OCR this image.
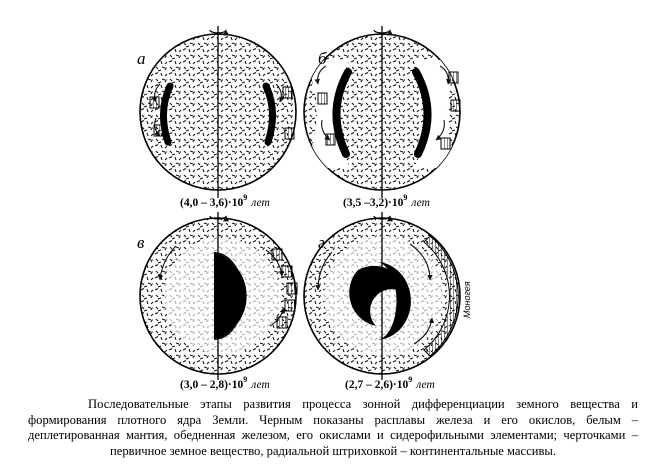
а
$(4,0 - 3,6)\cdot 10^9$ лет
б
(3,5 $-3,2)\cdot 10^9$ лет
в
$(3,0 - 2,8)\cdot 10^9$ лет
г
$(2,7 - 2,6)\cdot 10^9$ лет
Моногея

Последовательные этапы развития процесса зонной дифференциации земного вещества и формирования плотного ядра Земли. Черным показаны расплавы железа и его окислов, белым – деплетированная мантия, обедненная железом, его окислами и сидерофильными элементами; черточками – первичное земное вещество, радиальной штриховкой – континентальные массивы.
